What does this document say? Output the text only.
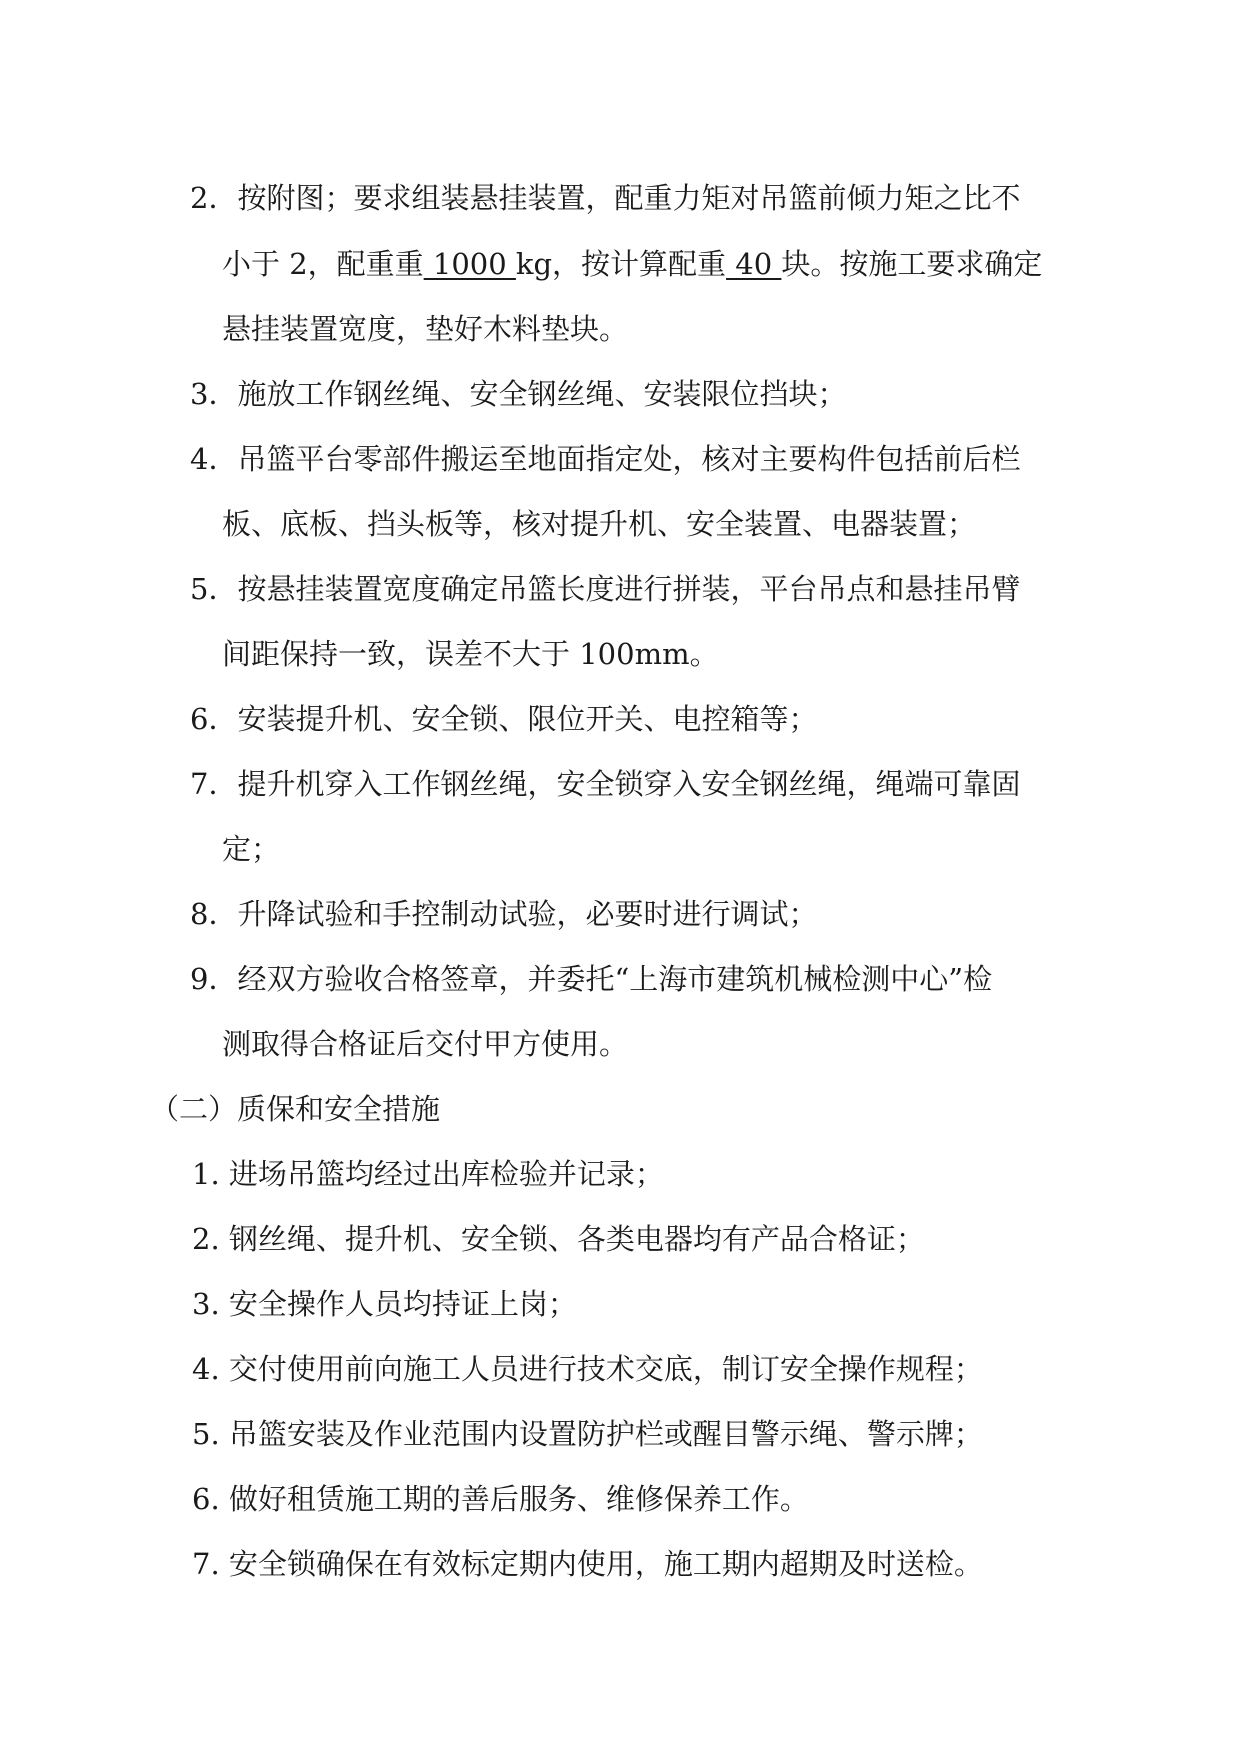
2．按附图；要求组装悬挂装置，配重力矩对吊篮前倾力矩之比不
小于 2，配重重 1000 kg，按计算配重 40 块。按施工要求确定
悬挂装置宽度，垫好木料垫块。
3．施放工作钢丝绳、安全钢丝绳、安装限位挡块；
4．吊篮平台零部件搬运至地面指定处，核对主要构件包括前后栏
板、底板、挡头板等，核对提升机、安全装置、电器装置；
5．按悬挂装置宽度确定吊篮长度进行拼装，平台吊点和悬挂吊臂
间距保持一致，误差不大于 100mm。
6．安装提升机、安全锁、限位开关、电控箱等；
7．提升机穿入工作钢丝绳，安全锁穿入安全钢丝绳，绳端可靠固
定；
8．升降试验和手控制动试验，必要时进行调试；
9．经双方验收合格签章，并委托“上海市建筑机械检测中心”检
测取得合格证后交付甲方使用。
（二）质保和安全措施
1. 进场吊篮均经过出库检验并记录；
2. 钢丝绳、提升机、安全锁、各类电器均有产品合格证；
3. 安全操作人员均持证上岗；
4. 交付使用前向施工人员进行技术交底，制订安全操作规程；
5. 吊篮安装及作业范围内设置防护栏或醒目警示绳、警示牌；
6. 做好租赁施工期的善后服务、维修保养工作。
7. 安全锁确保在有效标定期内使用，施工期内超期及时送检。
